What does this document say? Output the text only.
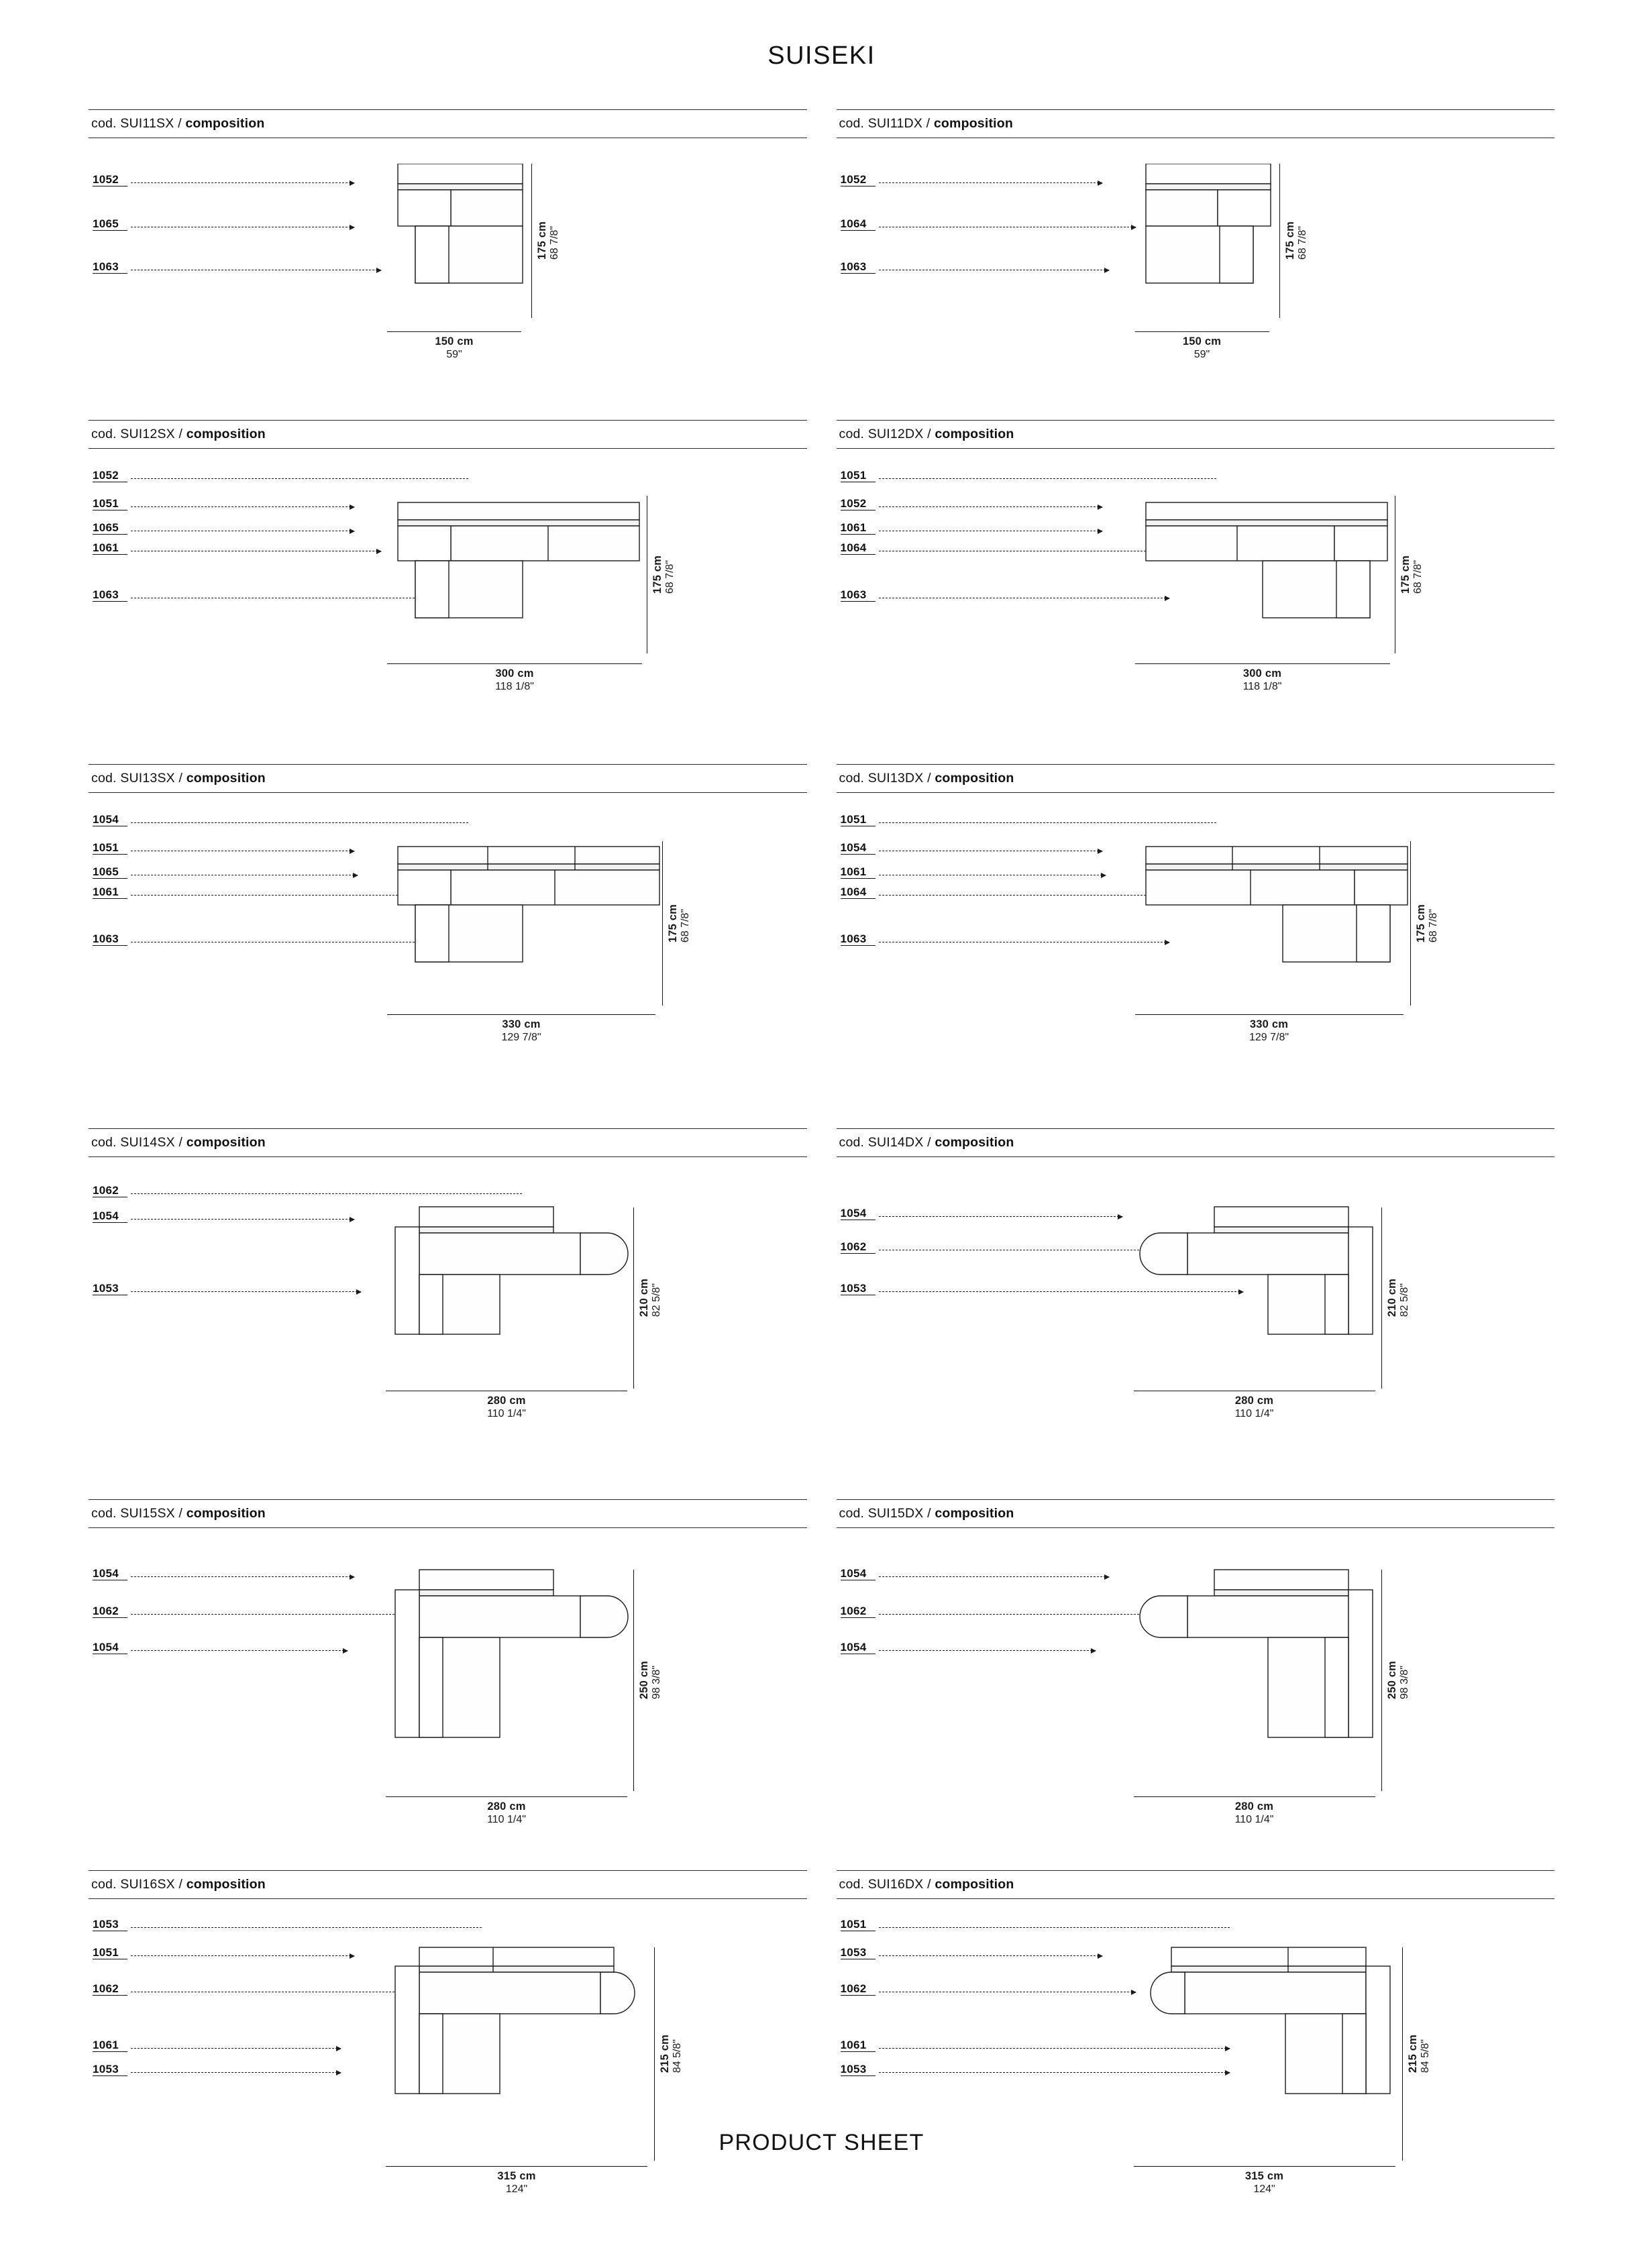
SUISEKI
cod. SUI11SX / composition
1052
1065
1063
150 cm
59"
175 cm 68 7/8"
cod. SUI11DX / composition
1052
1064
1063
150 cm
59"
175 cm 68 7/8"
cod. SUI12SX / composition
1052
1051
1065
1061
1063
300 cm
118 1/8"
175 cm 68 7/8"
cod. SUI12DX / composition
1051
1052
1061
1064
1063
300 cm
118 1/8"
175 cm 68 7/8"
cod. SUI13SX / composition
1054
1051
1065
1061
1063
330 cm
129 7/8"
175 cm 68 7/8"
cod. SUI13DX / composition
1051
1054
1061
1064
1063
330 cm
129 7/8"
175 cm 68 7/8"
cod. SUI14SX / composition
1062
1054
1053
280 cm
110 1/4"
210 cm 82 5/8"
cod. SUI14DX / composition
1054
1062
1053
280 cm
110 1/4"
210 cm 82 5/8"
cod. SUI15SX / composition
1054
1062
1054
280 cm
110 1/4"
250 cm 98 3/8"
cod. SUI15DX / composition
1054
1062
1054
280 cm
110 1/4"
250 cm 98 3/8"
cod. SUI16SX / composition
1053
1051
1062
1061
1053
315 cm
124"
215 cm 84 5/8"
cod. SUI16DX / composition
1051
1053
1062
1061
1053
315 cm
124"
215 cm 84 5/8"
PRODUCT SHEET
